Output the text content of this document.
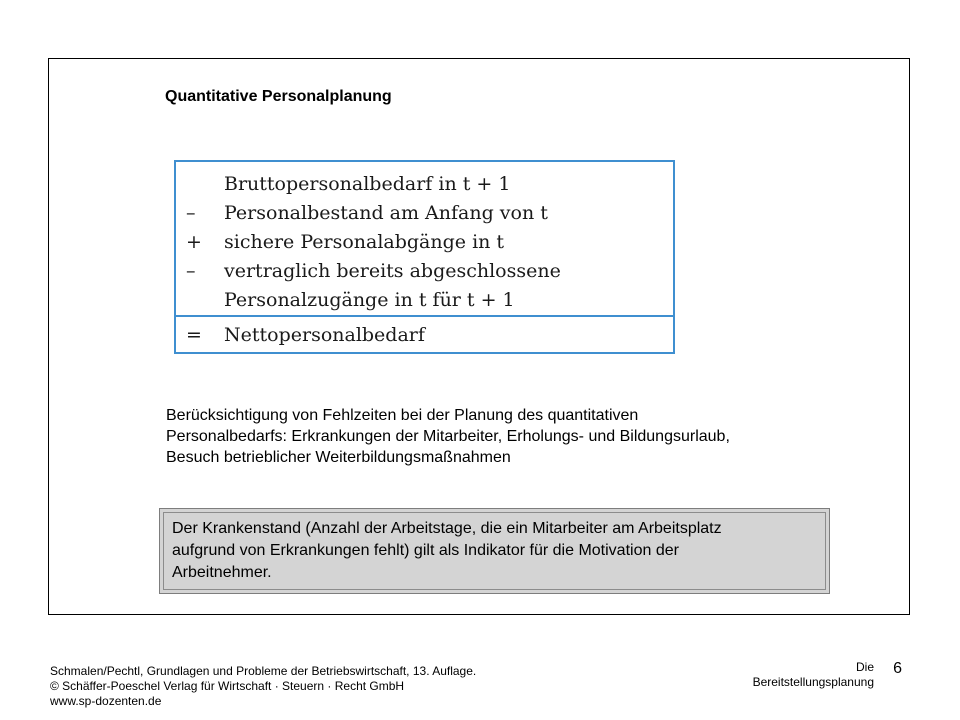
Quantitative Personalplanung
Bruttopersonalbedarf in t + 1
–	Personalbestand am Anfang von t
+	sichere Personalabgänge in t
–	vertraglich bereits abgeschlossene
Personalzugänge in t für t + 1
=	Nettopersonalbedarf
Berücksichtigung von Fehlzeiten bei der Planung des quantitativen
Personalbedarfs: Erkrankungen der Mitarbeiter, Erholungs- und Bildungsurlaub,
Besuch betrieblicher Weiterbildungsmaßnahmen
Der Krankenstand (Anzahl der Arbeitstage, die ein Mitarbeiter am Arbeitsplatz
aufgrund von Erkrankungen fehlt) gilt als Indikator für die Motivation der
Arbeitnehmer.
Schmalen/Pechtl, Grundlagen und Probleme der Betriebswirtschaft, 13. Auflage.
© Schäffer-Poeschel Verlag für Wirtschaft · Steuern · Recht GmbH
www.sp-dozenten.de
Die
Bereitstellungsplanung
6
